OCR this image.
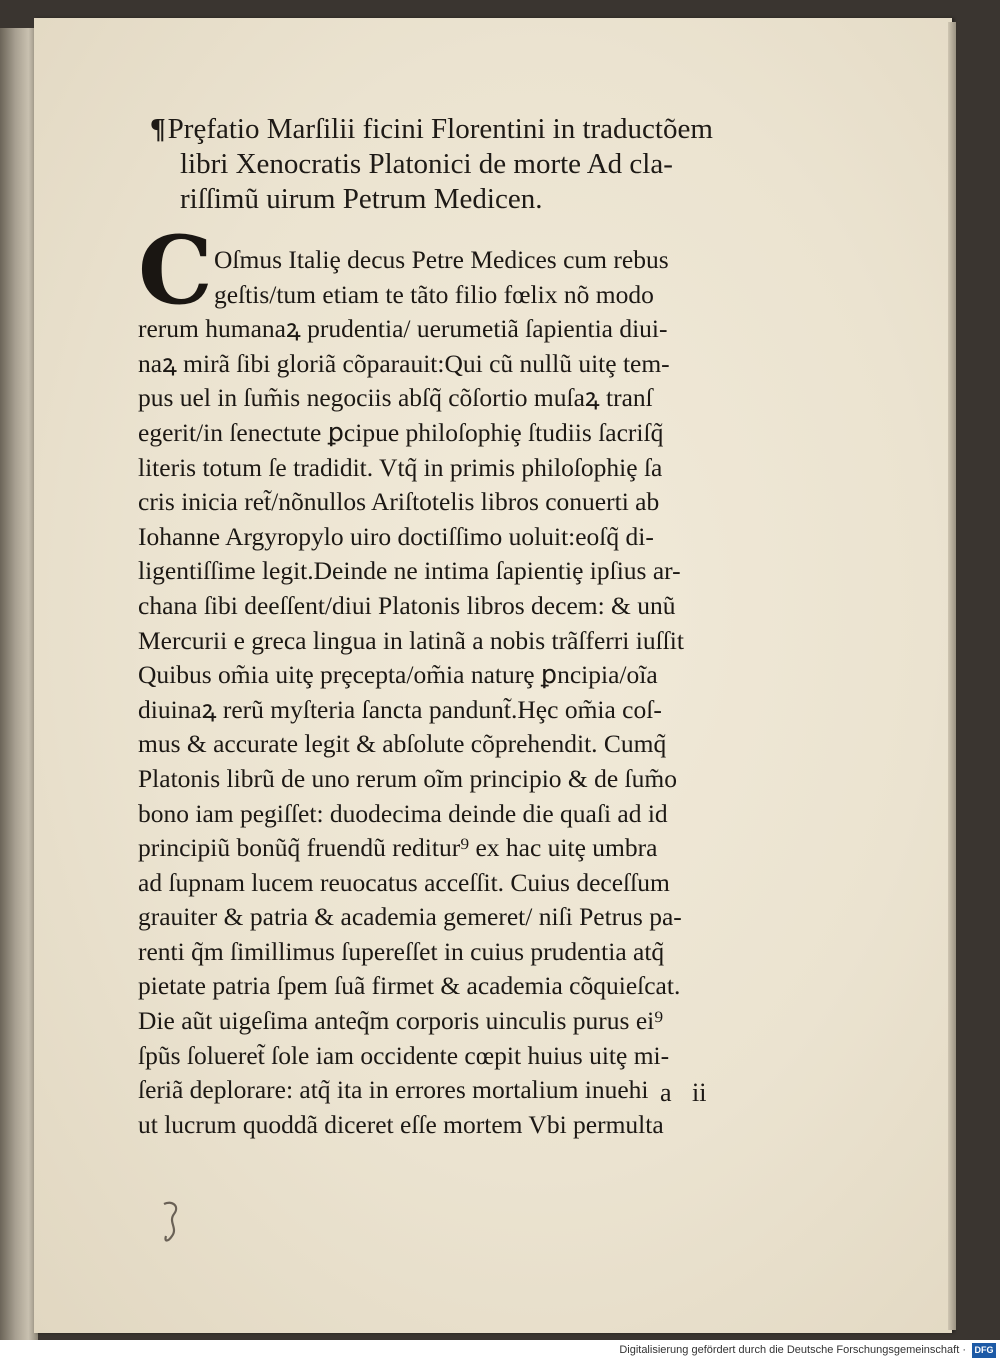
¶Prȩfatio Marſilii ficini Florentini in traductõem
libri Xenocratis Platonici de morte Ad cla-
riſſimũ uirum Petrum Medicen.
C Oſmus Italiȩ decus Petre Medices cum rebus
geſtis/tum etiam te tãto filio fœlix nõ modo
rerum humanaꝝ prudentia/ uerumetiã ſapientia diui-
naꝝ mirã ſibi gloriã cõparauit:Qui cũ nullũ uitȩ tem-
pus uel in ſum̃is negociis abſq̃ cõſortio muſaꝝ tranſ
egerit/in ſenectute ꝑcipue philoſophiȩ ſtudiis ſacriſq̃
literis totum ſe tradidit. Vtq̃ in primis philoſophiȩ ſa
cris inicia ret̃/nõnullos Ariſtotelis libros conuerti ab
Iohanne Argyropylo uiro doctiſſimo uoluit:eoſq̃ di-
ligentiſſime legit.Deinde ne intima ſapientiȩ ipſius ar-
chana ſibi deeſſent/diui Platonis libros decem: & unũ
Mercurii e greca lingua in latinã a nobis trãſferri iuſſit
Quibus om̃ia uitȩ prȩcepta/om̃ia naturȩ ꝑncipia/oĩa
diuinaꝝ rerũ myſteria ſancta pandunt̃.Hȩc om̃ia coſ-
mus & accurate legit & abſolute cõprehendit. Cumq̃
Platonis librũ de uno rerum oĩm principio & de ſum̃o
bono iam pegiſſet: duodecima deinde die quaſi ad id
principiũ bonũq̃ fruendũ reditur⁹ ex hac uitȩ umbra
ad ſupnam lucem reuocatus acceſſit. Cuius deceſſum
grauiter & patria & academia gemeret/ niſi Petrus pa-
renti q̃m ſimillimus ſupereſſet in cuius prudentia atq̃
pietate patria ſpem ſuã firmet & academia cõquieſcat.
Die aũt uigeſima anteq̃m corporis uinculis purus ei⁹
ſpũs ſolueret̃ ſole iam occidente cœpit huius uitȩ mi-
ſeriã deplorare: atq̃ ita in errores mortalium inuehi
ut lucrum quoddã diceret eſſe mortem Vbi permulta
a ii
Digitalisierung gefördert durch die Deutsche Forschungsgemeinschaft · DFG
